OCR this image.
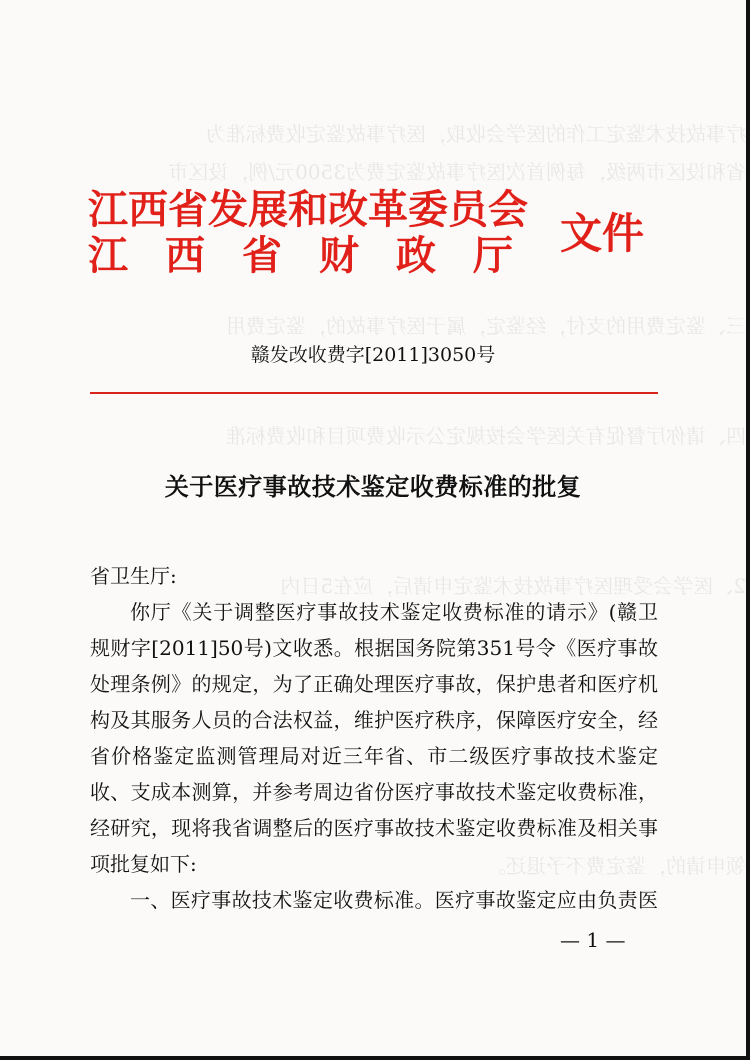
疗事故技术鉴定工作的医学会收取，医疗事故鉴定收费标准为
省和设区市两级，每例首次医疗事故鉴定费为3500元/例，设区市
三、鉴定费用的支付，经鉴定，属于医疗事故的，鉴定费用
四、请你厅督促有关医学会按规定公示收费项目和收费标准
2、医学会受理医疗事故技术鉴定申请后，应在5日内
领申请的，鉴定费不予退还。
江西省发展和改革委员会
江西省财政厅 文件
赣发改收费字[2011]3050号
关于医疗事故技术鉴定收费标准的批复
省卫生厅:
你厅《关于调整医疗事故技术鉴定收费标准的请示》(赣卫
规财字[2011]50号)文收悉。根据国务院第351号令《医疗事故
处理条例》的规定，为了正确处理医疗事故，保护患者和医疗机
构及其服务人员的合法权益，维护医疗秩序，保障医疗安全，经
省价格鉴定监测管理局对近三年省、市二级医疗事故技术鉴定
收、支成本测算，并参考周边省份医疗事故技术鉴定收费标准，
经研究，现将我省调整后的医疗事故技术鉴定收费标准及相关事
项批复如下:
一、医疗事故技术鉴定收费标准。医疗事故鉴定应由负责医
— 1 —
